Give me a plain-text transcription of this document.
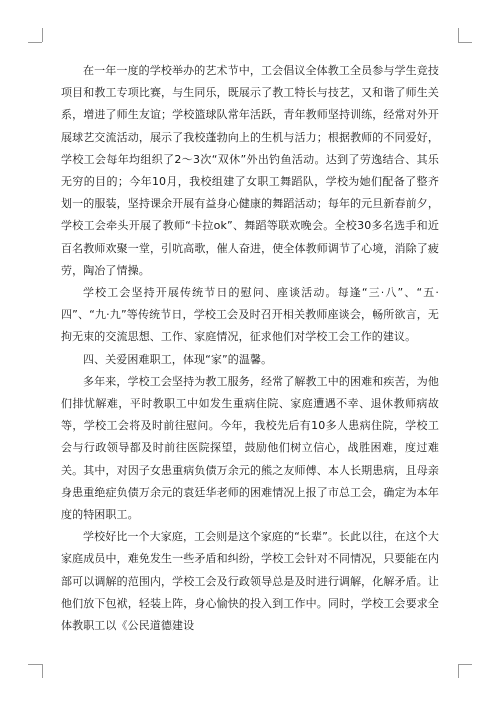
在一年一度的学校举办的艺术节中，工会倡议全体教工全员参与学生竞技项目和教工专项比赛，与生同乐，既展示了教工特长与技艺，又和谐了师生关系，增进了师生友谊；学校篮球队常年活跃，青年教师坚持训练，经常对外开展球艺交流活动，展示了我校蓬勃向上的生机与活力；根据教师的不同爱好，学校工会每年均组织了2～3次“双休”外出钓鱼活动。达到了劳逸结合、其乐无穷的目的；今年10月，我校组建了女职工舞蹈队，学校为她们配备了整齐划一的服装，坚持课余开展有益身心健康的舞蹈活动；每年的元旦新春前夕，学校工会牵头开展了教师“卡拉ok”、舞蹈等联欢晚会。全校30多名选手和近百名教师欢聚一堂，引吭高歌，催人奋进，使全体教师调节了心境，消除了疲劳，陶冶了情操。

学校工会坚持开展传统节日的慰问、座谈活动。每逢“三·八”、“五·四”、“九·九”等传统节日，学校工会及时召开相关教师座谈会，畅所欲言，无拘无束的交流思想、工作、家庭情况，征求他们对学校工会工作的建议。

四、关爱困难职工，体现“家”的温馨。

多年来，学校工会坚持为教工服务，经常了解教工中的困难和疾苦，为他们排忧解难，平时教职工中如发生重病住院、家庭遭遇不幸、退休教师病故等，学校工会将及时前往慰问。今年，我校先后有10多人患病住院，学校工会与行政领导都及时前往医院探望，鼓励他们树立信心，战胜困难，度过难关。其中，对因子女患重病负债万余元的熊之友师傅、本人长期患病，且母亲身患重绝症负债万余元的袁廷华老师的困难情况上报了市总工会，确定为本年度的特困职工。

学校好比一个大家庭，工会则是这个家庭的“长辈”。长此以往，在这个大家庭成员中，难免发生一些矛盾和纠纷，学校工会针对不同情况，只要能在内部可以调解的范围内，学校工会及行政领导总是及时进行调解，化解矛盾。让他们放下包袱，轻装上阵，身心愉快的投入到工作中。同时，学校工会要求全体教职工以《公民道德建设
